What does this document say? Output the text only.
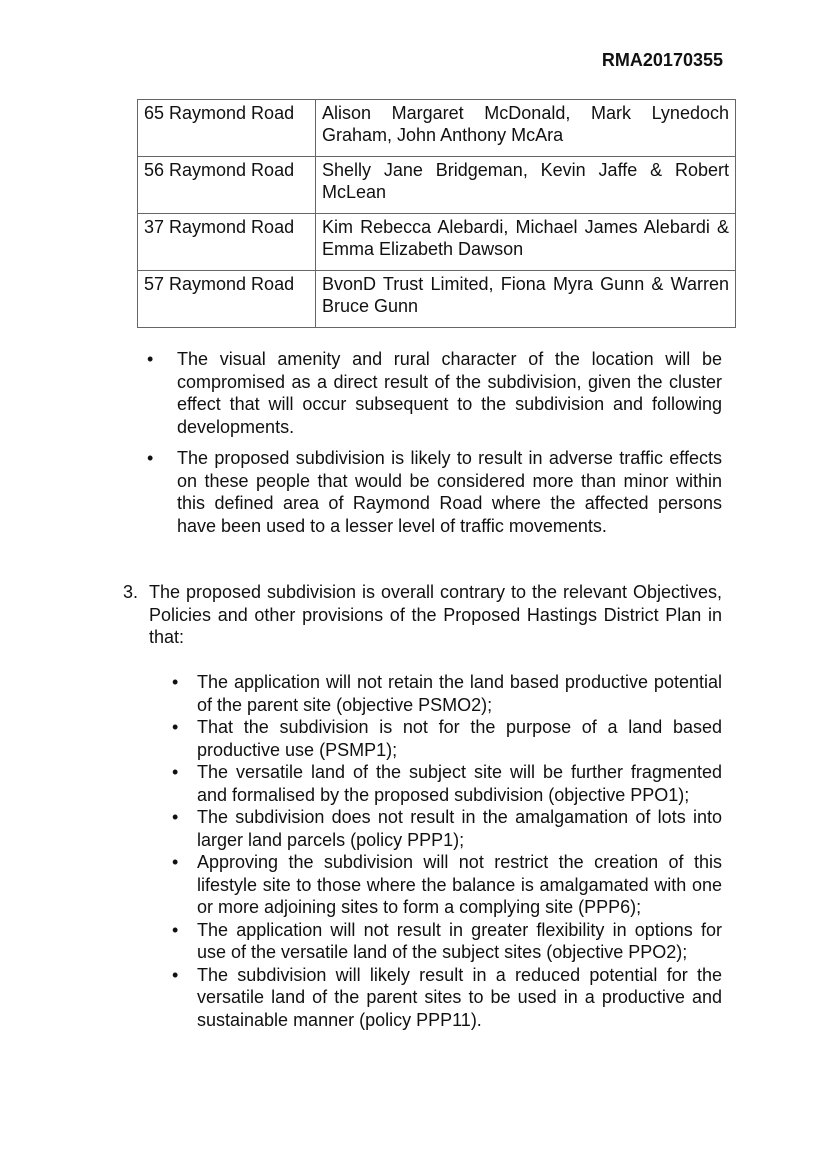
RMA20170355
65 Raymond Road	Alison Margaret McDonald, Mark Lynedoch Graham, John Anthony McAra
56 Raymond Road	Shelly Jane Bridgeman, Kevin Jaffe & Robert McLean
37 Raymond Road	Kim Rebecca Alebardi, Michael James Alebardi & Emma Elizabeth Dawson
57 Raymond Road	BvonD Trust Limited, Fiona Myra Gunn & Warren Bruce Gunn
• The visual amenity and rural character of the location will be compromised as a direct result of the subdivision, given the cluster effect that will occur subsequent to the subdivision and following developments.
• The proposed subdivision is likely to result in adverse traffic effects on these people that would be considered more than minor within this defined area of Raymond Road where the affected persons have been used to a lesser level of traffic movements.
3. The proposed subdivision is overall contrary to the relevant Objectives, Policies and other provisions of the Proposed Hastings District Plan in that:
• The application will not retain the land based productive potential of the parent site (objective PSMO2);
• That the subdivision is not for the purpose of a land based productive use (PSMP1);
• The versatile land of the subject site will be further fragmented and formalised by the proposed subdivision (objective PPO1);
• The subdivision does not result in the amalgamation of lots into larger land parcels (policy PPP1);
• Approving the subdivision will not restrict the creation of this lifestyle site to those where the balance is amalgamated with one or more adjoining sites to form a complying site (PPP6);
• The application will not result in greater flexibility in options for use of the versatile land of the subject sites (objective PPO2);
• The subdivision will likely result in a reduced potential for the versatile land of the parent sites to be used in a productive and sustainable manner (policy PPP11).
